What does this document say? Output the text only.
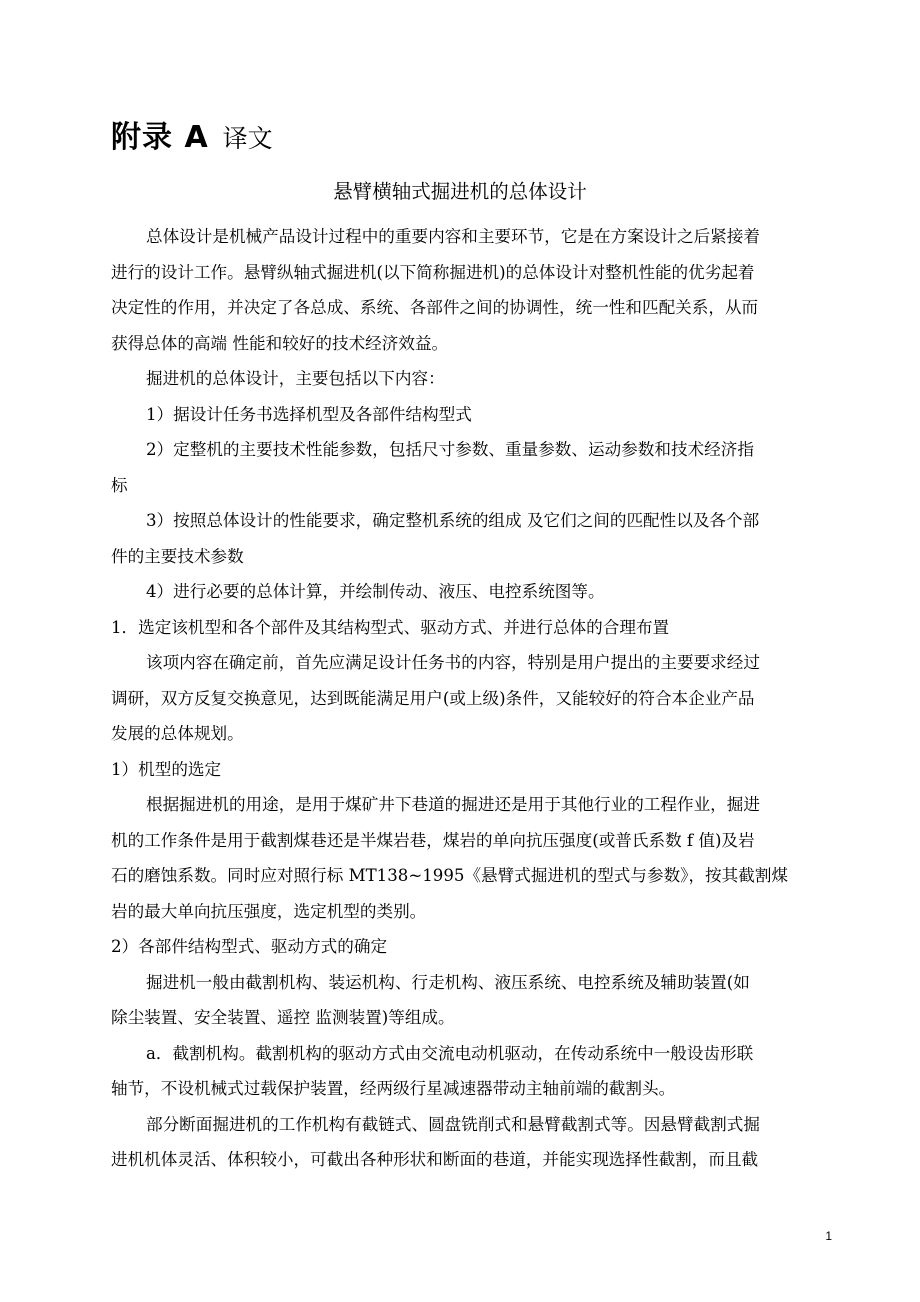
附录 A 译文
悬臂横轴式掘进机的总体设计
总体设计是机械产品设计过程中的重要内容和主要环节，它是在方案设计之后紧接着
进行的设计工作。悬臂纵轴式掘进机(以下简称掘进机)的总体设计对整机性能的优劣起着
决定性的作用，并决定了各总成、系统、各部件之间的协调性，统一性和匹配关系，从而
获得总体的高端 性能和较好的技术经济效益。
掘进机的总体设计，主要包括以下内容：
1）据设计任务书选择机型及各部件结构型式
2）定整机的主要技术性能参数，包括尺寸参数、重量参数、运动参数和技术经济指
标
3）按照总体设计的性能要求，确定整机系统的组成 及它们之间的匹配性以及各个部
件的主要技术参数
4）进行必要的总体计算，并绘制传动、液压、电控系统图等。
1．选定该机型和各个部件及其结构型式、驱动方式、并进行总体的合理布置
该项内容在确定前，首先应满足设计任务书的内容，特别是用户提出的主要要求经过
调研，双方反复交换意见，达到既能满足用户(或上级)条件，又能较好的符合本企业产品
发展的总体规划。
1）机型的选定
根据掘进机的用途，是用于煤矿井下巷道的掘进还是用于其他行业的工程作业，掘进
机的工作条件是用于截割煤巷还是半煤岩巷，煤岩的单向抗压强度(或普氏系数 f 值)及岩
石的磨蚀系数。同时应对照行标 MT138~1995《悬臂式掘进机的型式与参数》，按其截割煤
岩的最大单向抗压强度，选定机型的类别。
2）各部件结构型式、驱动方式的确定
掘进机一般由截割机构、装运机构、行走机构、液压系统、电控系统及辅助装置(如
除尘装置、安全装置、遥控 监测装置)等组成。
a．截割机构。截割机构的驱动方式由交流电动机驱动，在传动系统中一般设齿形联
轴节，不设机械式过载保护装置，经两级行星减速器带动主轴前端的截割头。
部分断面掘进机的工作机构有截链式、圆盘铣削式和悬臂截割式等。因悬臂截割式掘
进机机体灵活、体积较小，可截出各种形状和断面的巷道，并能实现选择性截割，而且截
1
